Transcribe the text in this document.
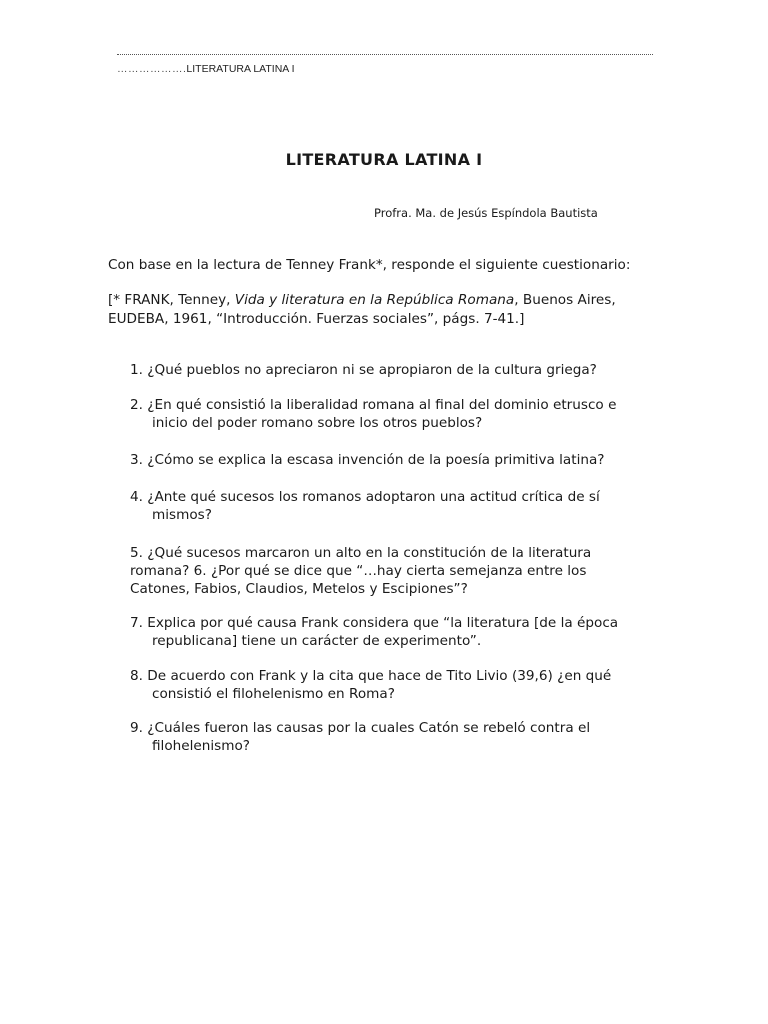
……………….LITERATURA LATINA I
LITERATURA LATINA I
Profra. Ma. de Jesús Espíndola Bautista
Con base en la lectura de Tenney Frank*, responde el siguiente cuestionario:
[* FRANK, Tenney, Vida y literatura en la República Romana, Buenos Aires,
EUDEBA, 1961, “Introducción. Fuerzas sociales”, págs. 7-41.]
1. ¿Qué pueblos no apreciaron ni se apropiaron de la cultura griega?
2. ¿En qué consistió la liberalidad romana al final del dominio etrusco e
inicio del poder romano sobre los otros pueblos?
3. ¿Cómo se explica la escasa invención de la poesía primitiva latina?
4. ¿Ante qué sucesos los romanos adoptaron una actitud crítica de sí
mismos?
5. ¿Qué sucesos marcaron un alto en la constitución de la literatura
romana? 6. ¿Por qué se dice que “…hay cierta semejanza entre los
Catones, Fabios, Claudios, Metelos y Escipiones”?
7. Explica por qué causa Frank considera que “la literatura [de la época
republicana] tiene un carácter de experimento”.
8. De acuerdo con Frank y la cita que hace de Tito Livio (39,6) ¿en qué
consistió el filohelenismo en Roma?
9. ¿Cuáles fueron las causas por la cuales Catón se rebeló contra el
filohelenismo?
